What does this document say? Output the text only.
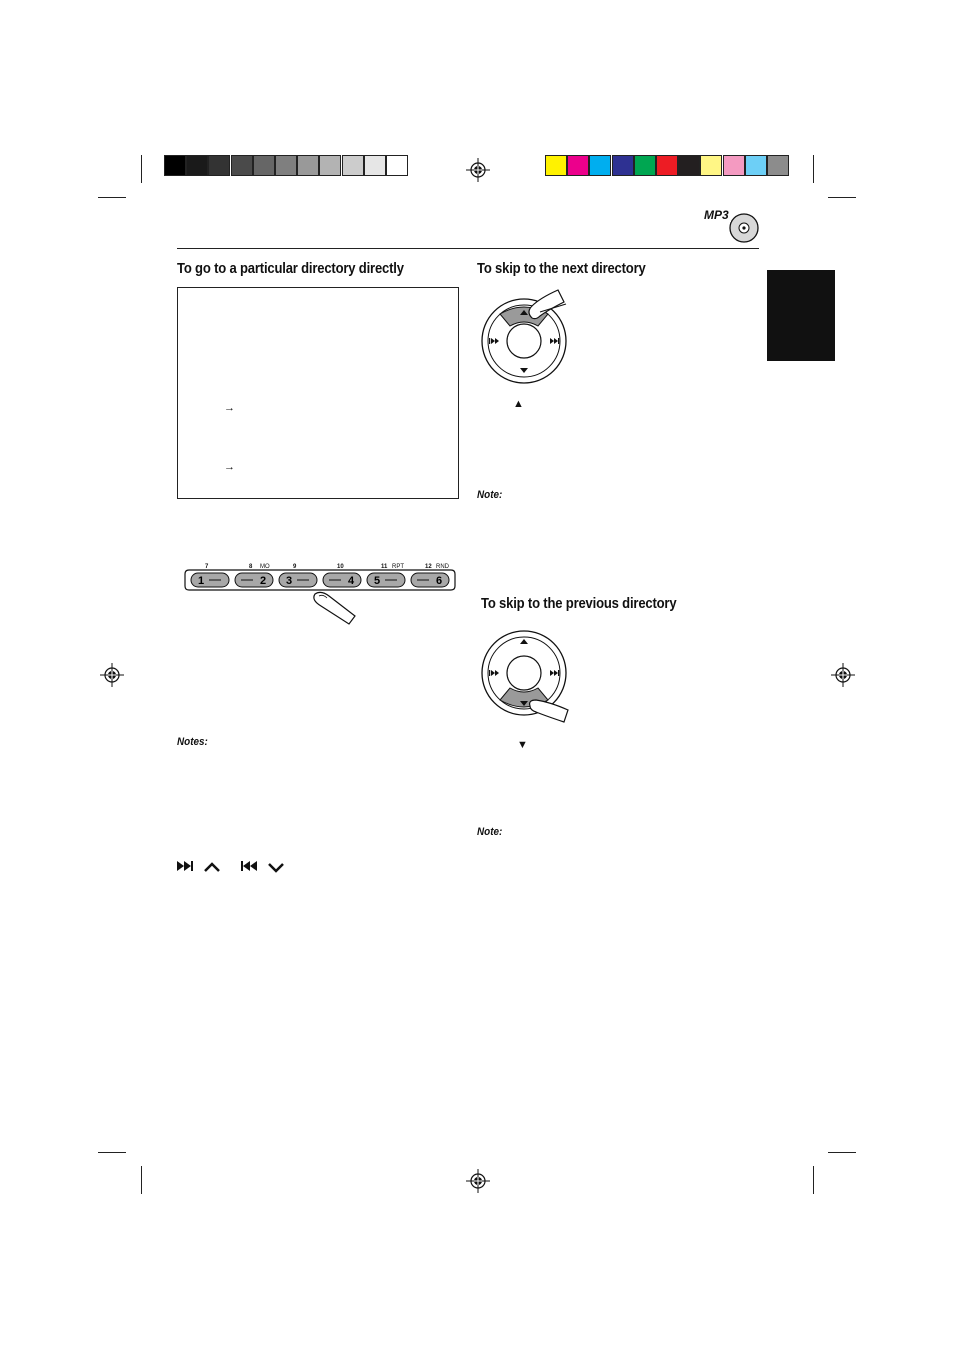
MP3
To go to a particular directory directly
→
→
1	2 3	4 5	6
7	8 MO	9	10	11 RPT	12 RND
Notes:
To skip to the next directory
▲
Note:
To skip to the previous directory
▼
Note:
